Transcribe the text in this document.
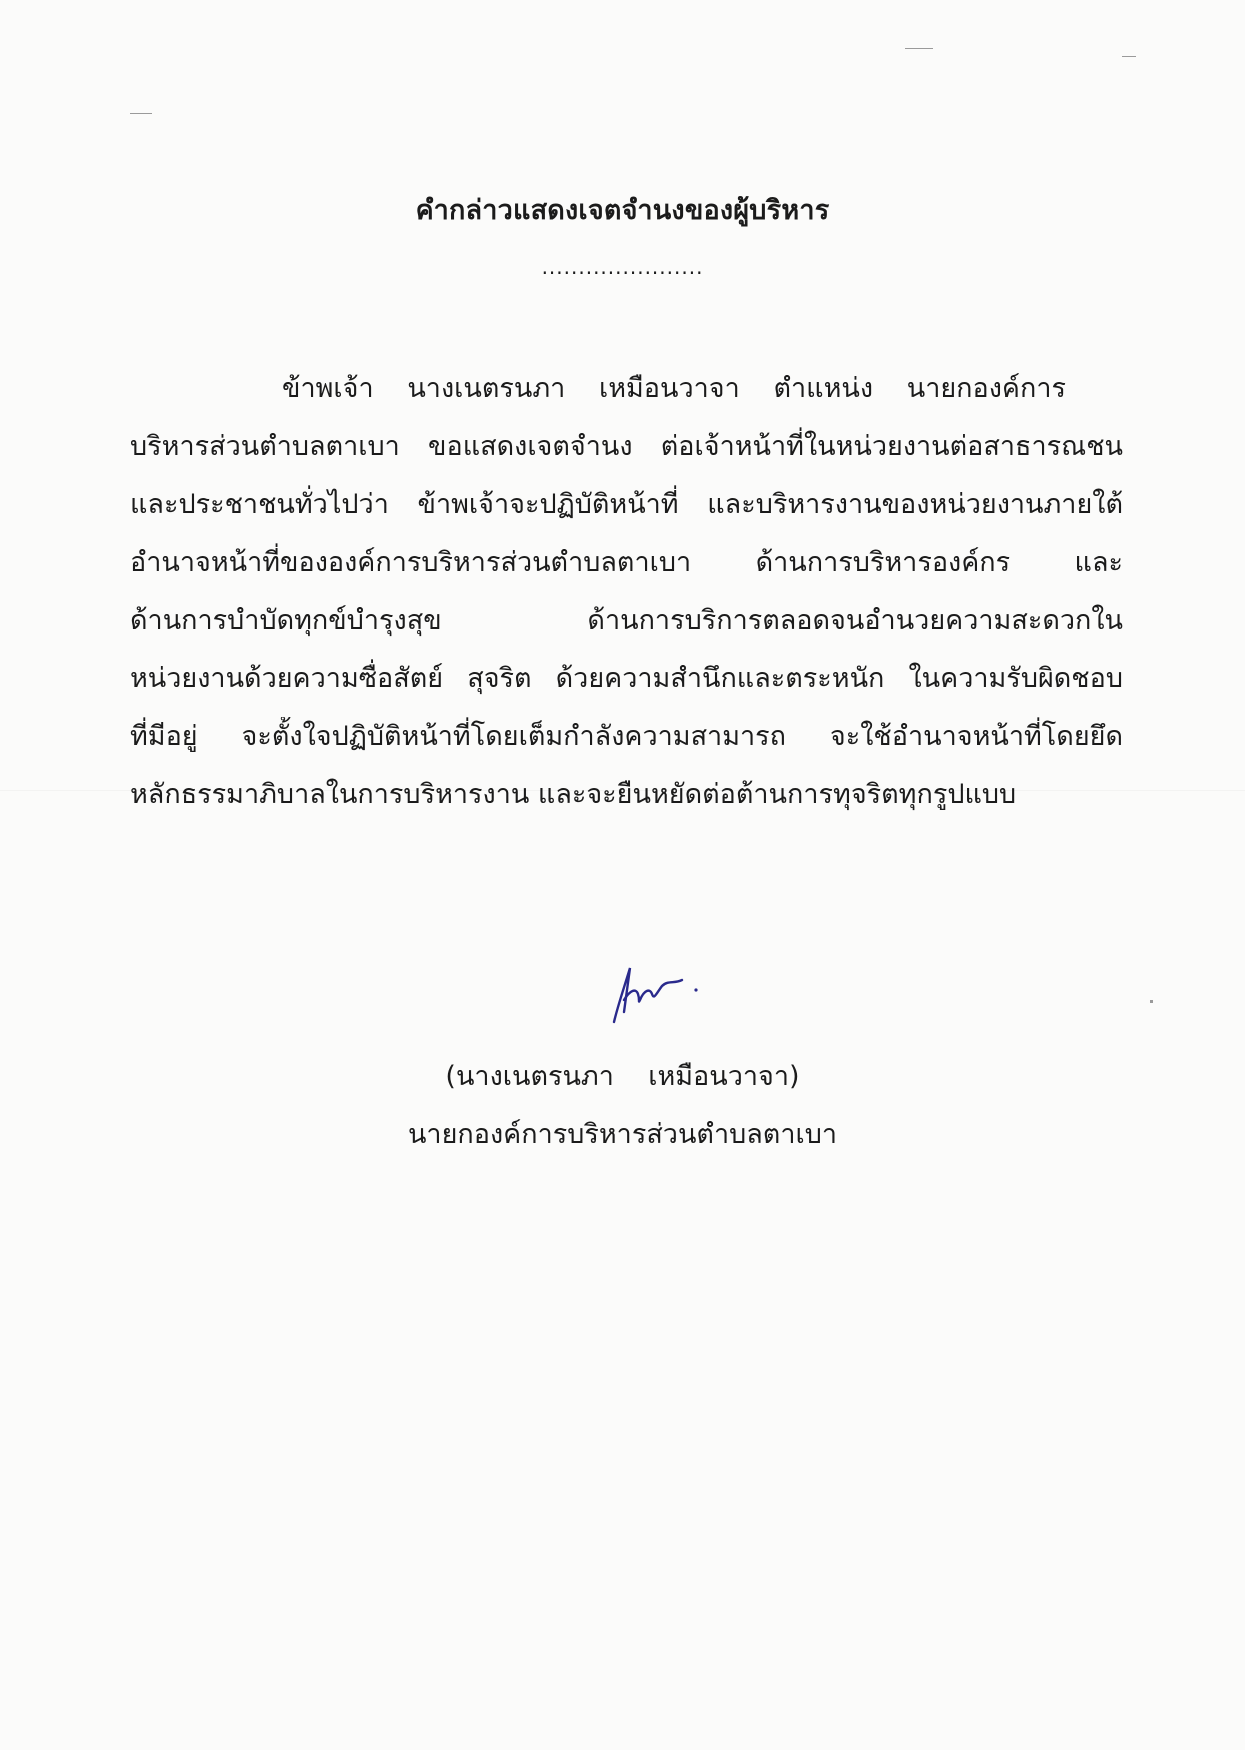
คำกล่าวแสดงเจตจำนงของผู้บริหาร
......................
ข้าพเจ้า นางเนตรนภา เหมือนวาจา ตำแหน่ง นายกองค์การ
บริหารส่วนตำบลตาเบา ขอแสดงเจตจำนง ต่อเจ้าหน้าที่ในหน่วยงานต่อสาธารณชน
และประชาชนทั่วไปว่า ข้าพเจ้าจะปฏิบัติหน้าที่ และบริหารงานของหน่วยงานภายใต้
อำนาจหน้าที่ขององค์การบริหารส่วนตำบลตาเบา ด้านการบริหารองค์กร และ
ด้านการบำบัดทุกข์บำรุงสุข ด้านการบริการตลอดจนอำนวยความสะดวกใน
หน่วยงานด้วยความซื่อสัตย์ สุจริต ด้วยความสำนึกและตระหนัก ในความรับผิดชอบ
ที่มีอยู่ จะตั้งใจปฏิบัติหน้าที่โดยเต็มกำลังความสามารถ จะใช้อำนาจหน้าที่โดยยึด
หลักธรรมาภิบาลในการบริหารงาน และจะยืนหยัดต่อต้านการทุจริตทุกรูปแบบ
(นางเนตรนภา    เหมือนวาจา)
นายกองค์การบริหารส่วนตำบลตาเบา
